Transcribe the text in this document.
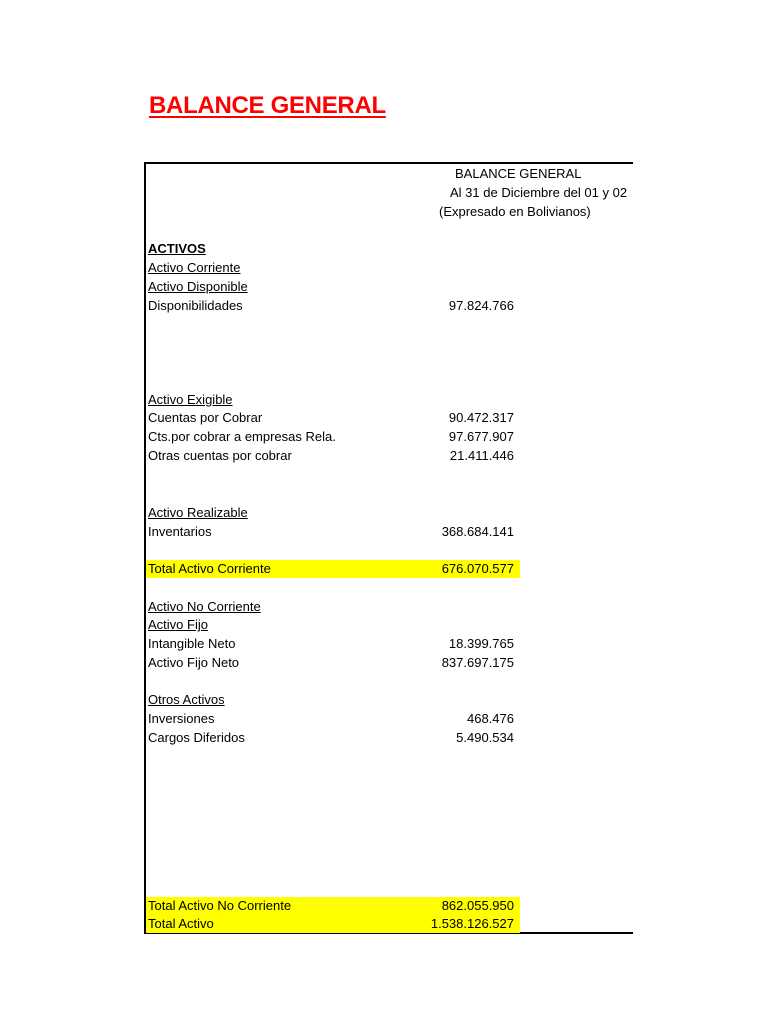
BALANCE GENERAL
BALANCE GENERAL
Al 31 de Diciembre del 01 y 02
(Expresado en Bolivianos)
ACTIVOS
Activo Corriente
Activo Disponible
Disponibilidades	97.824.766
Activo Exigible
Cuentas por Cobrar	90.472.317
Cts.por cobrar a empresas Rela.	97.677.907
Otras cuentas por cobrar	21.411.446
Activo Realizable
Inventarios	368.684.141
Total Activo Corriente	676.070.577
Activo No Corriente
Activo Fijo
Intangible Neto	18.399.765
Activo Fijo Neto	837.697.175
Otros Activos
Inversiones	468.476
Cargos Diferidos	5.490.534
Total Activo No Corriente	862.055.950
Total Activo	1.538.126.527
